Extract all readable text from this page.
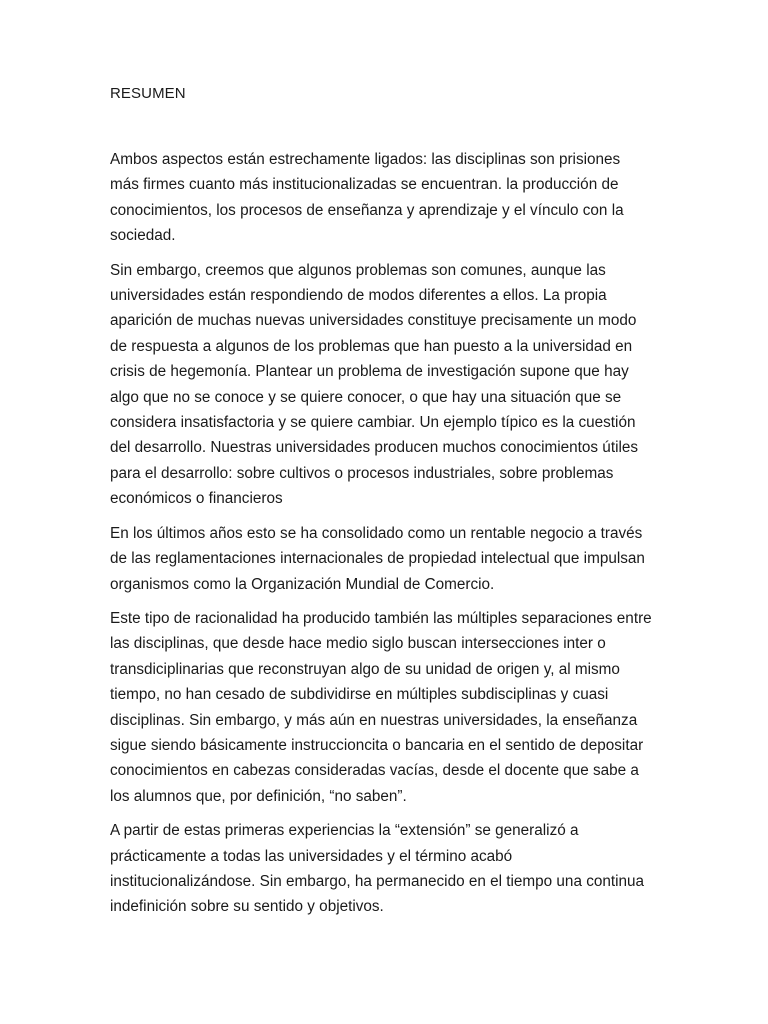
RESUMEN
Ambos aspectos están estrechamente ligados: las disciplinas son prisiones
más firmes cuanto más institucionalizadas se encuentran. la producción de
conocimientos, los procesos de enseñanza y aprendizaje y el vínculo con la
sociedad.
Sin embargo, creemos que algunos problemas son comunes, aunque las
universidades están respondiendo de modos diferentes a ellos. La propia
aparición de muchas nuevas universidades constituye precisamente un modo
de respuesta a algunos de los problemas que han puesto a la universidad en
crisis de hegemonía. Plantear un problema de investigación supone que hay
algo que no se conoce y se quiere conocer, o que hay una situación que se
considera insatisfactoria y se quiere cambiar. Un ejemplo típico es la cuestión
del desarrollo. Nuestras universidades producen muchos conocimientos útiles
para el desarrollo: sobre cultivos o procesos industriales, sobre problemas
económicos o financieros
En los últimos años esto se ha consolidado como un rentable negocio a través
de las reglamentaciones internacionales de propiedad intelectual que impulsan
organismos como la Organización Mundial de Comercio.
Este tipo de racionalidad ha producido también las múltiples separaciones entre
las disciplinas, que desde hace medio siglo buscan intersecciones inter o
transdiciplinarias que reconstruyan algo de su unidad de origen y, al mismo
tiempo, no han cesado de subdividirse en múltiples subdisciplinas y cuasi
disciplinas. Sin embargo, y más aún en nuestras universidades, la enseñanza
sigue siendo básicamente instruccioncita o bancaria en el sentido de depositar
conocimientos en cabezas consideradas vacías, desde el docente que sabe a
los alumnos que, por definición, “no saben”.
A partir de estas primeras experiencias la “extensión” se generalizó a
prácticamente a todas las universidades y el término acabó
institucionalizándose. Sin embargo, ha permanecido en el tiempo una continua
indefinición sobre su sentido y objetivos.
